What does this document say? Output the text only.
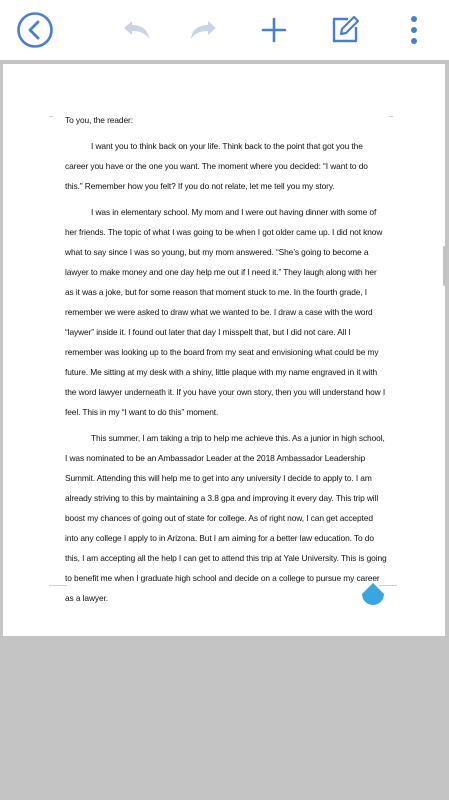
To you, the reader:

I want you to think back on your life. Think back to the point that got you the career you have or the one you want. The moment where you decided: “I want to do this.” Remember how you felt? If you do not relate, let me tell you my story.

I was in elementary school. My mom and I were out having dinner with some of her friends. The topic of what I was going to be when I got older came up. I did not know what to say since I was so young, but my mom answered. “She’s going to become a lawyer to make money and one day help me out if I need it.” They laugh along with her as it was a joke, but for some reason that moment stuck to me. In the fourth grade, I remember we were asked to draw what we wanted to be. I draw a case with the word “laywer” inside it. I found out later that day I misspelt that, but I did not care. All I remember was looking up to the board from my seat and envisioning what could be my future. Me sitting at my desk with a shiny, little plaque with my name engraved in it with the word lawyer underneath it. If you have your own story, then you will understand how I feel. This in my “I want to do this” moment.

This summer, I am taking a trip to help me achieve this. As a junior in high school, I was nominated to be an Ambassador Leader at the 2018 Ambassador Leadership Summit. Attending this will help me to get into any university I decide to apply to. I am already striving to this by maintaining a 3.8 gpa and improving it every day. This trip will boost my chances of going out of state for college. As of right now, I can get accepted into any college I apply to in Arizona. But I am aiming for a better law education. To do this, I am accepting all the help I can get to attend this trip at Yale University. This is going to benefit me when I graduate high school and decide on a college to pursue my career as a lawyer.
